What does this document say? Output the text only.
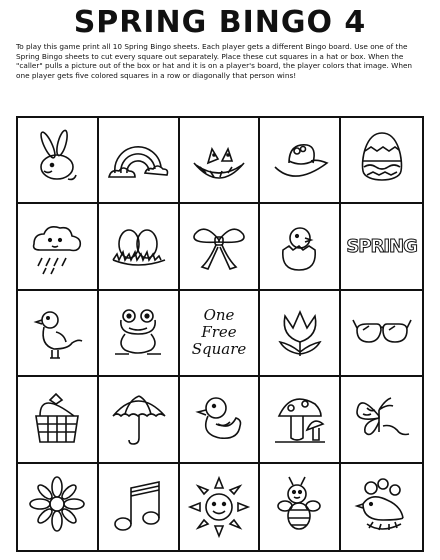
SPRING BINGO 4
To play this game print all 10 Spring Bingo sheets. Each player gets a different Bingo board. Use one of the Spring Bingo sheets to cut every square out separately. Place these cut squares in a hat or box. When the "caller" pulls a picture out of the box or hat and it is on a player's board, the player colors that image. When one player gets five colored squares in a row or diagonally that person wins!
SPRING
One
Free
Square
